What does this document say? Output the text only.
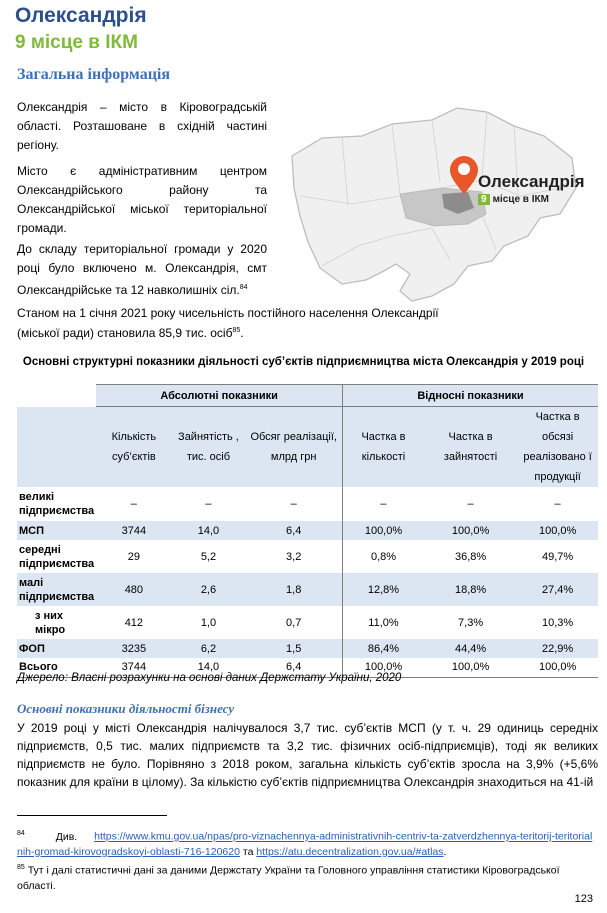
Олександрія
9 місце в ІКМ
Загальна інформація
Олександрія – місто в Кіровоградській області. Розташоване в східній частині регіону.
Місто є адміністративним центром Олександрійського району та Олександрійської міської територіальної громади.
До складу територіальної громади у 2020 році було включено м. Олександрія, смт Олександрійське та 12 навколишніх сіл.$^{84}$
Станом на 1 січня 2021 року чисельність постійного населення Олександрії (міської ради) становила 85,9 тис. осіб$^{85}$.
Олександрія
9 місце в ІКМ
Основні структурні показники діяльності суб’єктів підприємництва міста Олександрія у 2019 році
	Абсолютні показники			Відносні показники		
	Кількість суб’єктів	Зайнятість , тис. осіб	Обсяг реалізації, млрд грн	Частка в кількості	Частка в зайнятості	Частка в обсязі реалізовано ї продукції
великі підприємства	–	–	–	–	–	–
МСП	3744	14,0	6,4	100,0%	100,0%	100,0%
середні підприємства	29	5,2	3,2	0,8%	36,8%	49,7%
малі підприємства	480	2,6	1,8	12,8%	18,8%	27,4%
з них мікро	412	1,0	0,7	11,0%	7,3%	10,3%
ФОП	3235	6,2	1,5	86,4%	44,4%	22,9%
Всього	3744	14,0	6,4	100,0%	100,0%	100,0%
Джерело: Власні розрахунки на основі даних Держстату України, 2020
Основні показники діяльності бізнесу
У 2019 році у місті Олександрія налічувалося 3,7 тис. суб’єктів МСП (у т. ч. 29 одиниць середніх підприємств, 0,5 тис. малих підприємств та 3,2 тис. фізичних осіб-підприємців), тоді як великих підприємств не було. Порівняно з 2018 роком, загальна кількість суб’єктів зросла на 3,9% (+5,6% показник для країни в цілому). За кількістю суб’єктів підприємництва Олександрія знаходиться на 41-ій
$^{84}$	Див. https://www.kmu.gov.ua/npas/pro-viznachennya-administrativnih-centriv-ta-zatverdzhennya-teritorij-teritorialnih-gromad-kirovogradskoyi-oblasti-716-120620 та https://atu.decentralization.gov.ua/#atlas.
$^{85}$ Тут і далі статистичні дані за даними Держстату України та Головного управління статистики Кіровоградської області.
123
